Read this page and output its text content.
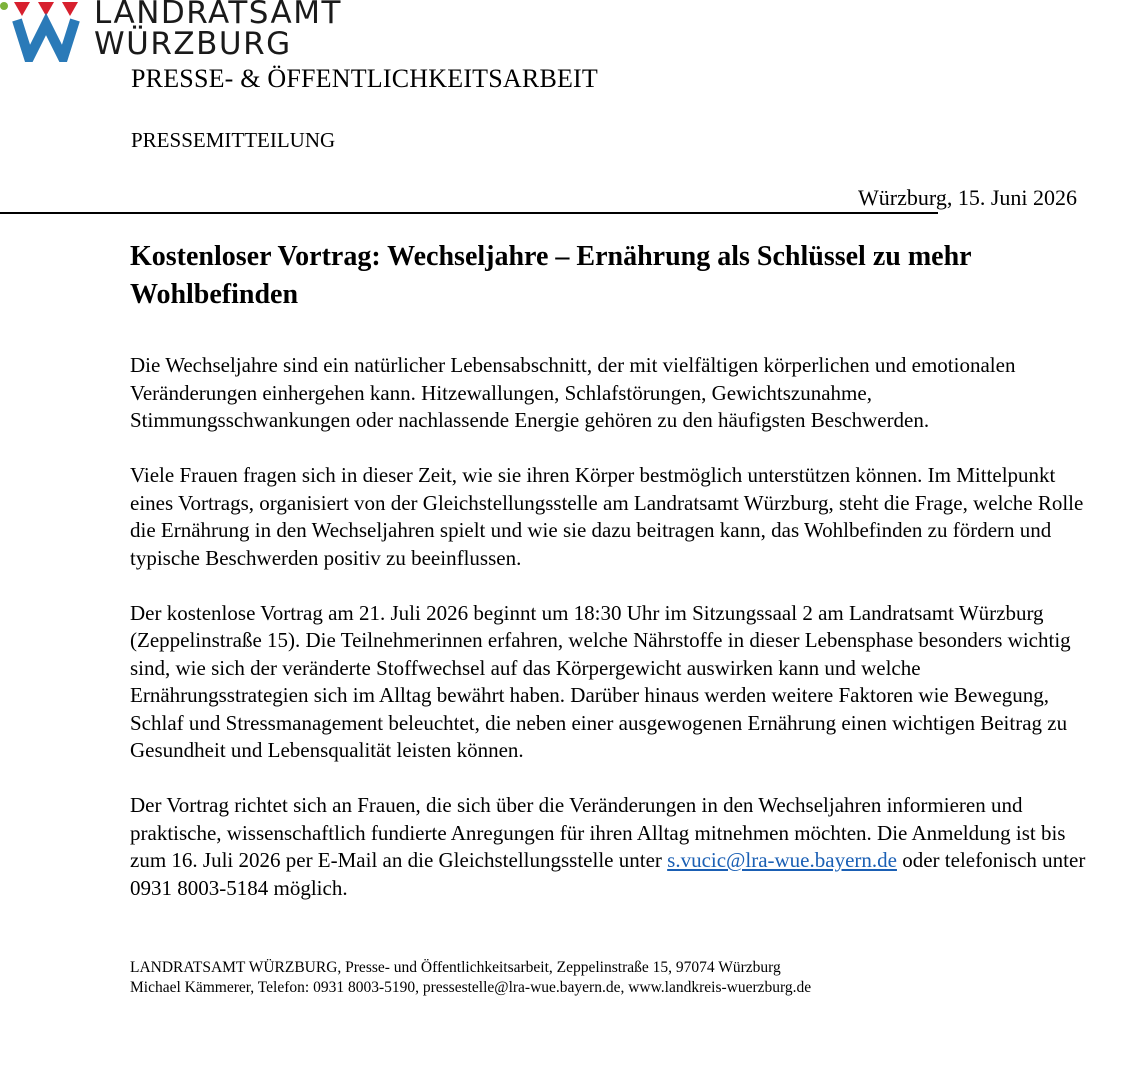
LANDRATSAMT
WÜRZBURG
PRESSE- & ÖFFENTLICHKEITSARBEIT
PRESSEMITTEILUNG
Würzburg, 15. Juni 2026
Kostenloser Vortrag: Wechseljahre – Ernährung als Schlüssel zu mehr Wohlbefinden

Die Wechseljahre sind ein natürlicher Lebensabschnitt, der mit vielfältigen körperlichen und emotionalen Veränderungen einhergehen kann. Hitzewallungen, Schlafstörungen, Gewichtszunahme, Stimmungsschwankungen oder nachlassende Energie gehören zu den häufigsten Beschwerden.

Viele Frauen fragen sich in dieser Zeit, wie sie ihren Körper bestmöglich unterstützen können. Im Mittelpunkt eines Vortrags, organisiert von der Gleichstellungsstelle am Landratsamt Würzburg, steht die Frage, welche Rolle die Ernährung in den Wechseljahren spielt und wie sie dazu beitragen kann, das Wohlbefinden zu fördern und typische Beschwerden positiv zu beeinflussen.

Der kostenlose Vortrag am 21. Juli 2026 beginnt um 18:30 Uhr im Sitzungssaal 2 am Landratsamt Würzburg (Zeppelinstraße 15). Die Teilnehmerinnen erfahren, welche Nährstoffe in dieser Lebensphase besonders wichtig sind, wie sich der veränderte Stoffwechsel auf das Körpergewicht auswirken kann und welche Ernährungsstrategien sich im Alltag bewährt haben. Darüber hinaus werden weitere Faktoren wie Bewegung, Schlaf und Stressmanagement beleuchtet, die neben einer ausgewogenen Ernährung einen wichtigen Beitrag zu Gesundheit und Lebensqualität leisten können.

Der Vortrag richtet sich an Frauen, die sich über die Veränderungen in den Wechseljahren informieren und praktische, wissenschaftlich fundierte Anregungen für ihren Alltag mitnehmen möchten. Die Anmeldung ist bis zum 16. Juli 2026 per E-Mail an die Gleichstellungsstelle unter s.vucic@lra-wue.bayern.de oder telefonisch unter 0931 8003-5184 möglich.

LANDRATSAMT WÜRZBURG, Presse- und Öffentlichkeitsarbeit, Zeppelinstraße 15, 97074 Würzburg
Michael Kämmerer, Telefon: 0931 8003-5190, pressestelle@lra-wue.bayern.de, www.landkreis-wuerzburg.de
